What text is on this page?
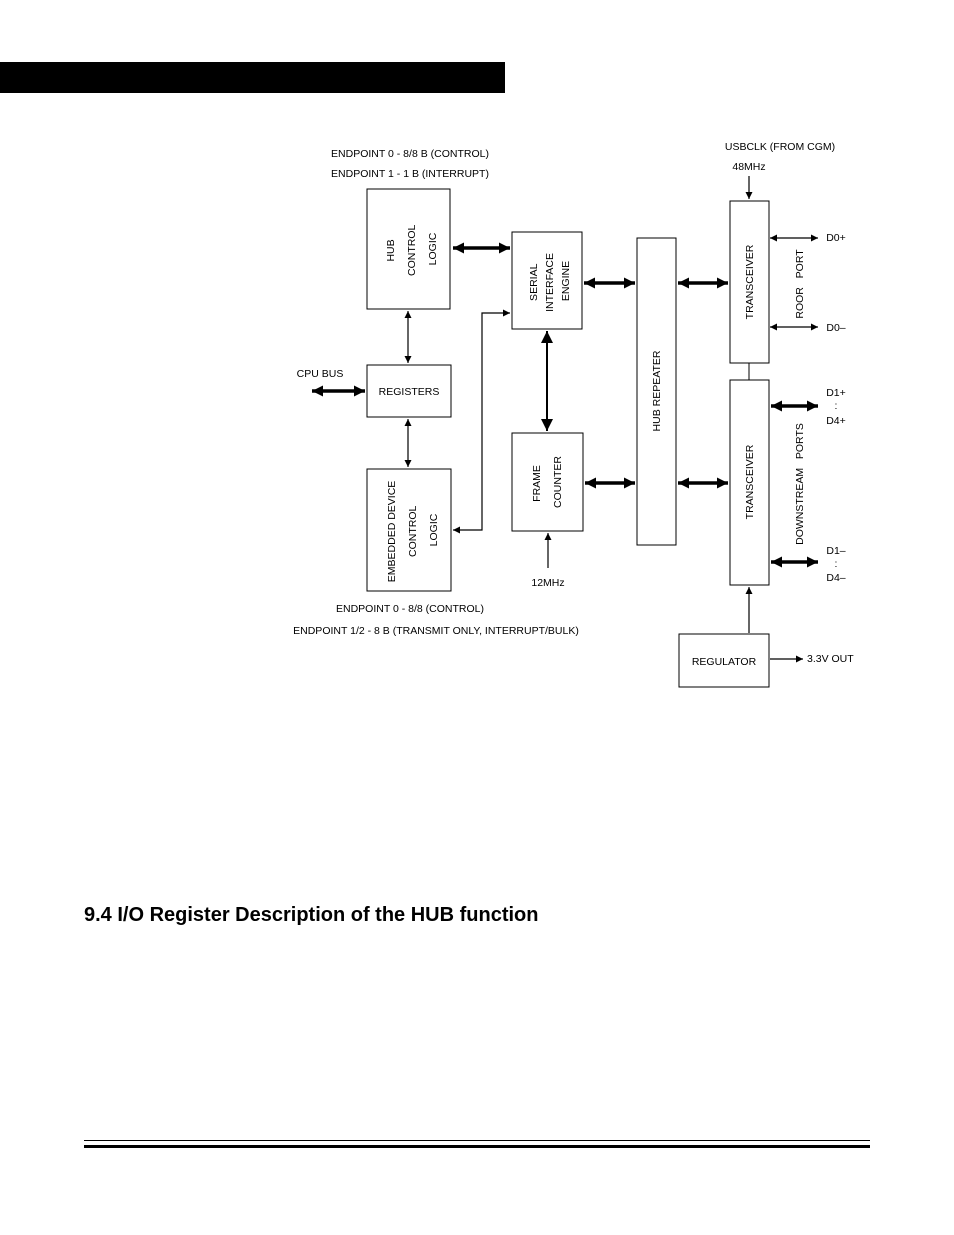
HUB CONTROL LOGIC
REGISTERS
EMBEDDED DEVICE CONTROL LOGIC
SERIAL INTERFACE ENGINE
FRAME COUNTER
HUB REPEATER
TRANSCEIVER
TRANSCEIVER
REGULATOR
ROOR   PORT
DOWNSTREAM   PORTS
ENDPOINT 0 - 8/8 B (CONTROL)
ENDPOINT 1 - 1 B (INTERRUPT)
ENDPOINT 0 - 8/8 (CONTROL)
ENDPOINT 1/2 - 8 B (TRANSMIT ONLY, INTERRUPT/BULK)
CPU BUS
USBCLK (FROM CGM)
48MHz
12MHz
D0+
D0–
D1+
:
D4+
D1–
:
D4–
3.3V OUT
9.4 I/O Register Description of the HUB function
